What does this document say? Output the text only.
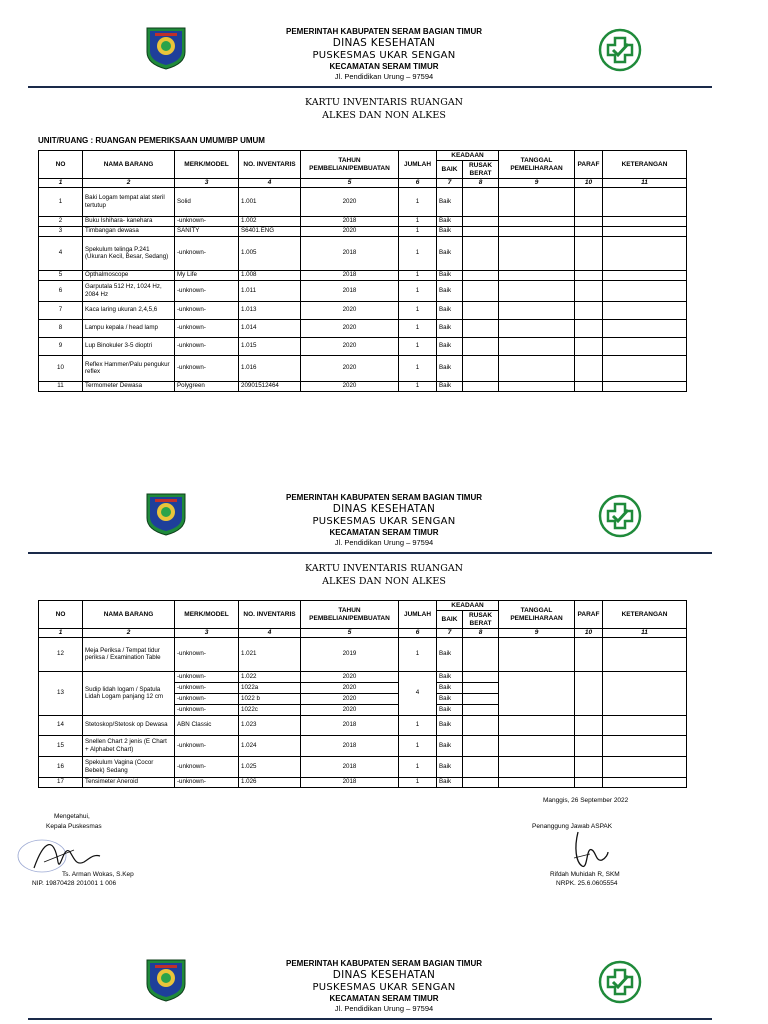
PEMERINTAH KABUPATEN SERAM BAGIAN TIMUR
DINAS KESEHATAN
PUSKESMAS UKAR SENGAN
KECAMATAN SERAM TIMUR
Jl. Pendidikan Urung – 97594
KARTU INVENTARIS RUANGAN
ALKES DAN NON ALKES
UNIT/RUANG : RUANGAN PEMERIKSAAN UMUM/BP UMUM
NO	NAMA BARANG	MERK/MODEL	NO. INVENTARIS	TAHUN PEMBELIAN/PEMBUATAN	JUMLAH	KEADAAN		TANGGAL PEMELIHARAAN	PARAF	KETERANGAN
						BAIK	RUSAK BERAT			
1	2	3	4	5	6	7	8	9	10	11
1	Baki Logam tempat alat steril tertutup	Solid	1.001	2020	1	Baik				
2	Buku Ishihara- kanehara	-unknown-	1.002	2018	1	Baik				
3	Timbangan dewasa	SANITY	S6401.ENG	2020	1	Baik				
4	Spekulum telinga P.241 (Ukuran Kecil, Besar, Sedang)	-unknown-	1.005	2018	1	Baik				
5	Opthalmoscope	My Life	1.008	2018	1	Baik				
6	Garputala 512 Hz, 1024 Hz, 2084 Hz	-unknown-	1.011	2018	1	Baik				
7	Kaca laring ukuran 2,4,5,6	-unknown-	1.013	2020	1	Baik				
8	Lampu kepala / head lamp	-unknown-	1.014	2020	1	Baik				
9	Lup Binokuler 3-5 dioptri	-unknown-	1.015	2020	1	Baik				
10	Reflex Hammer/Palu pengukur reflex	-unknown-	1.016	2020	1	Baik				
11	Termometer Dewasa	Polygreen	20901512464	2020	1	Baik				
PEMERINTAH KABUPATEN SERAM BAGIAN TIMUR
DINAS KESEHATAN
PUSKESMAS UKAR SENGAN
KECAMATAN SERAM TIMUR
Jl. Pendidikan Urung – 97594
KARTU INVENTARIS RUANGAN
ALKES DAN NON ALKES
NO	NAMA BARANG	MERK/MODEL	NO. INVENTARIS	TAHUN PEMBELIAN/PEMBUATAN	JUMLAH	KEADAAN		TANGGAL PEMELIHARAAN	PARAF	KETERANGAN
						BAIK	RUSAK BERAT			
1	2	3	4	5	6	7	8	9	10	11
12	Meja Periksa / Tempat tidur periksa / Examination Table	-unknown-	1.021	2019	1	Baik				
13	Sudip lidah logam / Spatula Lidah Logam panjang 12 cm	-unknown-	1.022	2020	4	Baik				
		-unknown-	1022a	2020		Baik				
		-unknown-	1022 b	2020		Baik				
		-unknown-	1022c	2020		Baik				
14	Stetoskop/Stetosk op Dewasa	ABN Classic	1.023	2018	1	Baik				
15	Snellen Chart 2 jenis (E Chart + Alphabet Chart)	-unknown-	1.024	2018	1	Baik				
16	Spekulum Vagina (Cocor Bebek) Sedang	-unknown-	1.025	2018	1	Baik				
17	Tensimeter Aneroid	-unknown-	1.026	2018	1	Baik				
Manggis, 26 September 2022
Mengetahui,
Kepala Puskesmas
Ts. Arman Wokas, S.Kep
NIP. 19870428 201001 1 006
Penanggung Jawab ASPAK
Rifdah Muhidah R, SKM
NRPK. 25.6.0605554
PEMERINTAH KABUPATEN SERAM BAGIAN TIMUR
DINAS KESEHATAN
PUSKESMAS UKAR SENGAN
KECAMATAN SERAM TIMUR
Jl. Pendidikan Urung – 97594
